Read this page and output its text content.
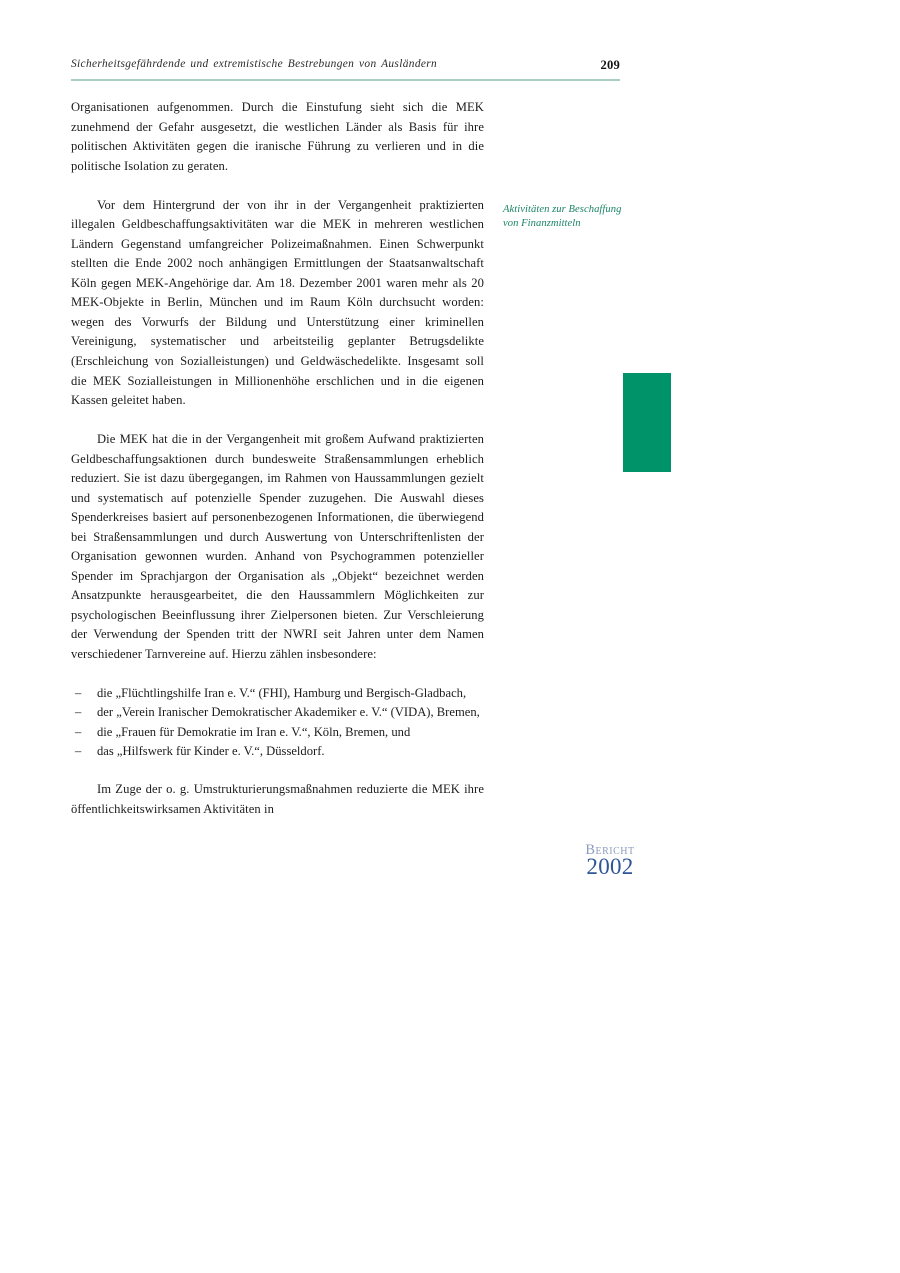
Sicherheitsgefährdende und extremistische Bestrebungen von Ausländern	209

Organisationen aufgenommen. Durch die Einstufung sieht sich die MEK zunehmend der Gefahr ausgesetzt, die westlichen Länder als Basis für ihre politischen Aktivitäten gegen die iranische Führung zu verlieren und in die politische Isolation zu geraten.

Vor dem Hintergrund der von ihr in der Vergangenheit praktizierten illegalen Geldbeschaffungsaktivitäten war die MEK in mehreren westlichen Ländern Gegenstand umfangreicher Polizeimaßnahmen. Einen Schwerpunkt stellten die Ende 2002 noch anhängigen Ermittlungen der Staatsanwaltschaft Köln gegen MEK-Angehörige dar. Am 18. Dezember 2001 waren mehr als 20 MEK-Objekte in Berlin, München und im Raum Köln durchsucht worden: wegen des Vorwurfs der Bildung und Unterstützung einer kriminellen Vereinigung, systematischer und arbeitsteilig geplanter Betrugsdelikte (Erschleichung von Sozialleistungen) und Geldwäschedelikte. Insgesamt soll die MEK Sozialleistungen in Millionenhöhe erschlichen und in die eigenen Kassen geleitet haben.

Die MEK hat die in der Vergangenheit mit großem Aufwand praktizierten Geldbeschaffungsaktionen durch bundesweite Straßensammlungen erheblich reduziert. Sie ist dazu übergegangen, im Rahmen von Haussammlungen gezielt und systematisch auf potenzielle Spender zuzugehen. Die Auswahl dieses Spenderkreises basiert auf personenbezogenen Informationen, die überwiegend bei Straßensammlungen und durch Auswertung von Unterschriftenlisten der Organisation gewonnen wurden. Anhand von Psychogrammen potenzieller Spender im Sprachjargon der Organisation als „Objekt“ bezeichnet werden Ansatzpunkte herausgearbeitet, die den Haussammlern Möglichkeiten zur psychologischen Beeinflussung ihrer Zielpersonen bieten. Zur Verschleierung der Verwendung der Spenden tritt der NWRI seit Jahren unter dem Namen verschiedener Tarnvereine auf. Hierzu zählen insbesondere:

– die „Flüchtlingshilfe Iran e. V.“ (FHI), Hamburg und Bergisch-Gladbach,
– der „Verein Iranischer Demokratischer Akademiker e. V.“ (VIDA), Bremen,
– die „Frauen für Demokratie im Iran e. V.“, Köln, Bremen, und
– das „Hilfswerk für Kinder e. V.“, Düsseldorf.

Im Zuge der o. g. Umstrukturierungsmaßnahmen reduzierte die MEK ihre öffentlichkeitswirksamen Aktivitäten in

Aktivitäten zur Beschaffung von Finanzmitteln
Bericht
2002
